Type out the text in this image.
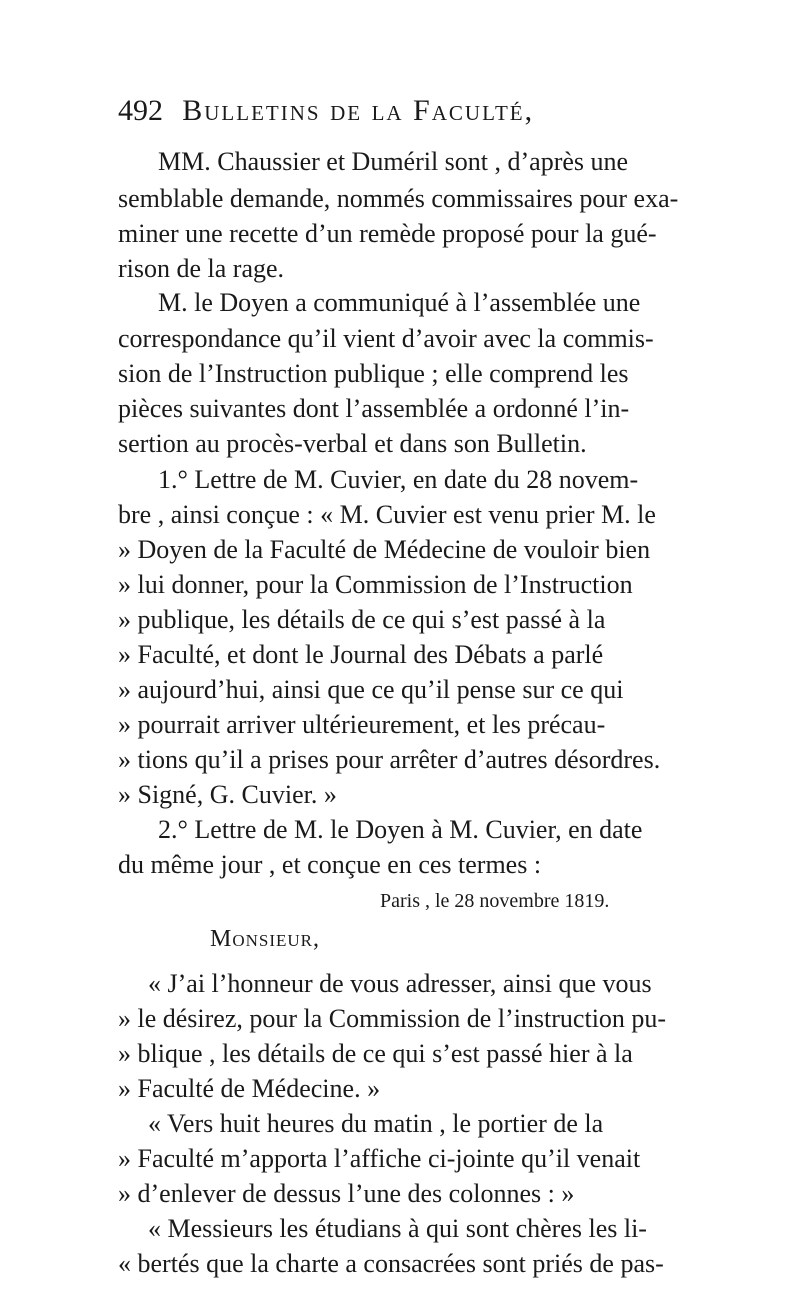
492 Bulletins de la Faculté,
MM. Chaussier et Duméril sont , d’après une
semblable demande, nommés commissaires pour exa-
miner une recette d’un remède proposé pour la gué-
rison de la rage.
M. le Doyen a communiqué à l’assemblée une
correspondance qu’il vient d’avoir avec la commis-
sion de l’Instruction publique ; elle comprend les
pièces suivantes dont l’assemblée a ordonné l’in-
sertion au procès-verbal et dans son Bulletin.
1.° Lettre de M. Cuvier, en date du 28 novem-
bre , ainsi conçue : « M. Cuvier est venu prier M. le
» Doyen de la Faculté de Médecine de vouloir bien
» lui donner, pour la Commission de l’Instruction
» publique, les détails de ce qui s’est passé à la
» Faculté, et dont le Journal des Débats a parlé
» aujourd’hui, ainsi que ce qu’il pense sur ce qui
» pourrait arriver ultérieurement, et les précau-
» tions qu’il a prises pour arrêter d’autres désordres.
» Signé, G. Cuvier. »
2.° Lettre de M. le Doyen à M. Cuvier, en date
du même jour , et conçue en ces termes :
Paris , le 28 novembre 1819.
Monsieur,
« J’ai l’honneur de vous adresser, ainsi que vous
» le désirez, pour la Commission de l’instruction pu-
» blique , les détails de ce qui s’est passé hier à la
» Faculté de Médecine. »
« Vers huit heures du matin , le portier de la
» Faculté m’apporta l’affiche ci-jointe qu’il venait
» d’enlever de dessus l’une des colonnes : »
« Messieurs les étudians à qui sont chères les li-
« bertés que la charte a consacrées sont priés de pas-
